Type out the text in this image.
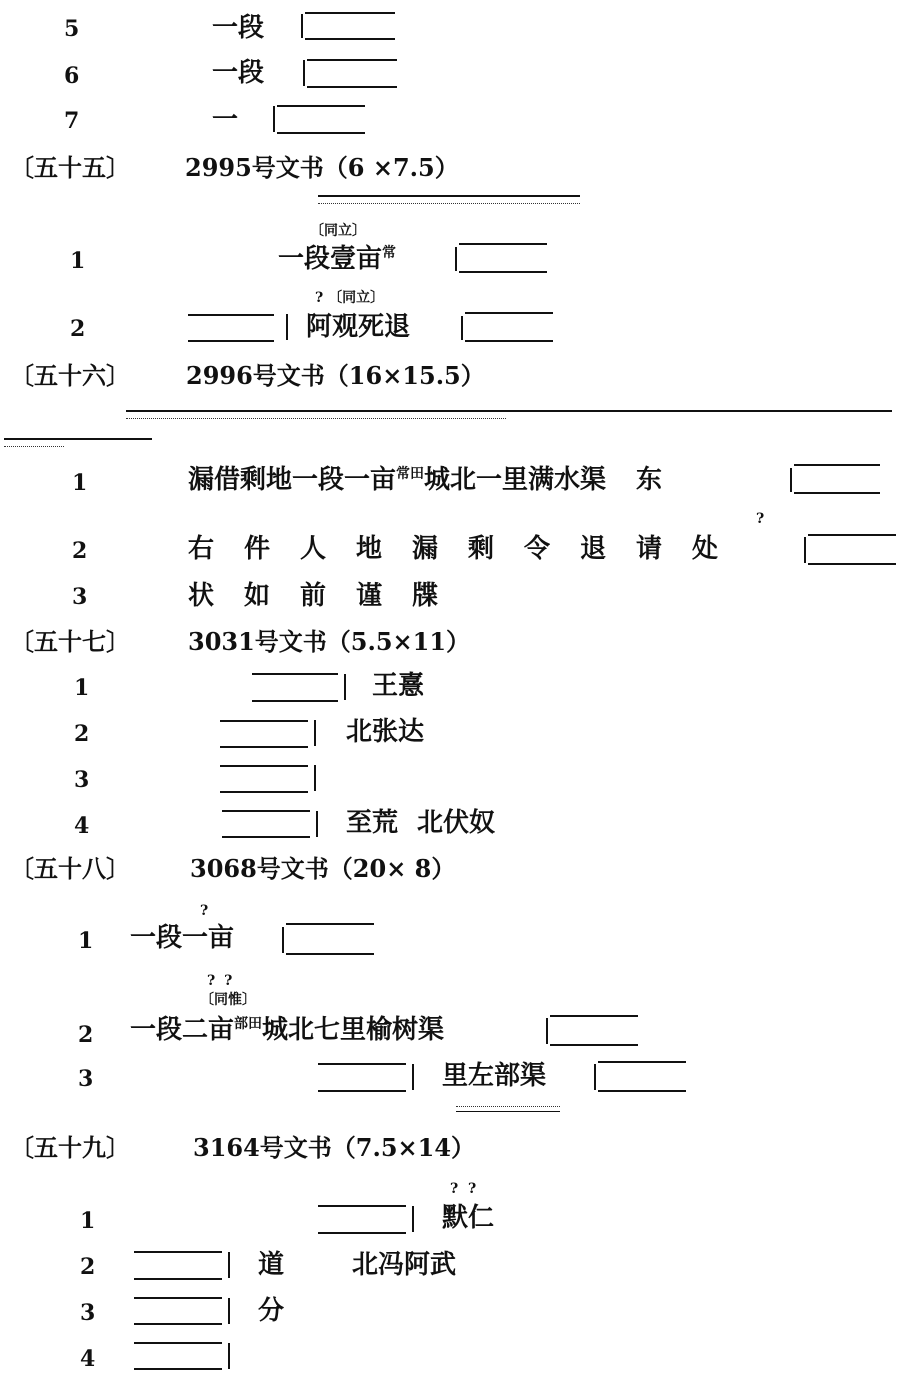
5	一段
6	一段
7	一
〔五十五〕 2995号文书（6 ×7.5）
〔同立〕
1	一段壹亩$^常$
? 〔同立〕
2	阿观死退
〔五十六〕 2996号文书（16×15.5）
1	漏借剩地一段一亩$^{常田}$城北一里满水渠 东
?
2	右件人地漏剩令退请处
3	状如前谨牒
〔五十七〕 3031号文书（5.5×11）
1	王憙
2	北张达
3
4	至荒 北伏奴
〔五十八〕	3068号文书（20× 8）
?
1 一段一亩
? ?
〔同惟〕
2 一段二亩$^{部田}$城北七里榆树渠
3	里左部渠
〔五十九〕	3164号文书（7.5×14）
?  ?
1	默仁
2	道	北冯阿武
3	分
4
